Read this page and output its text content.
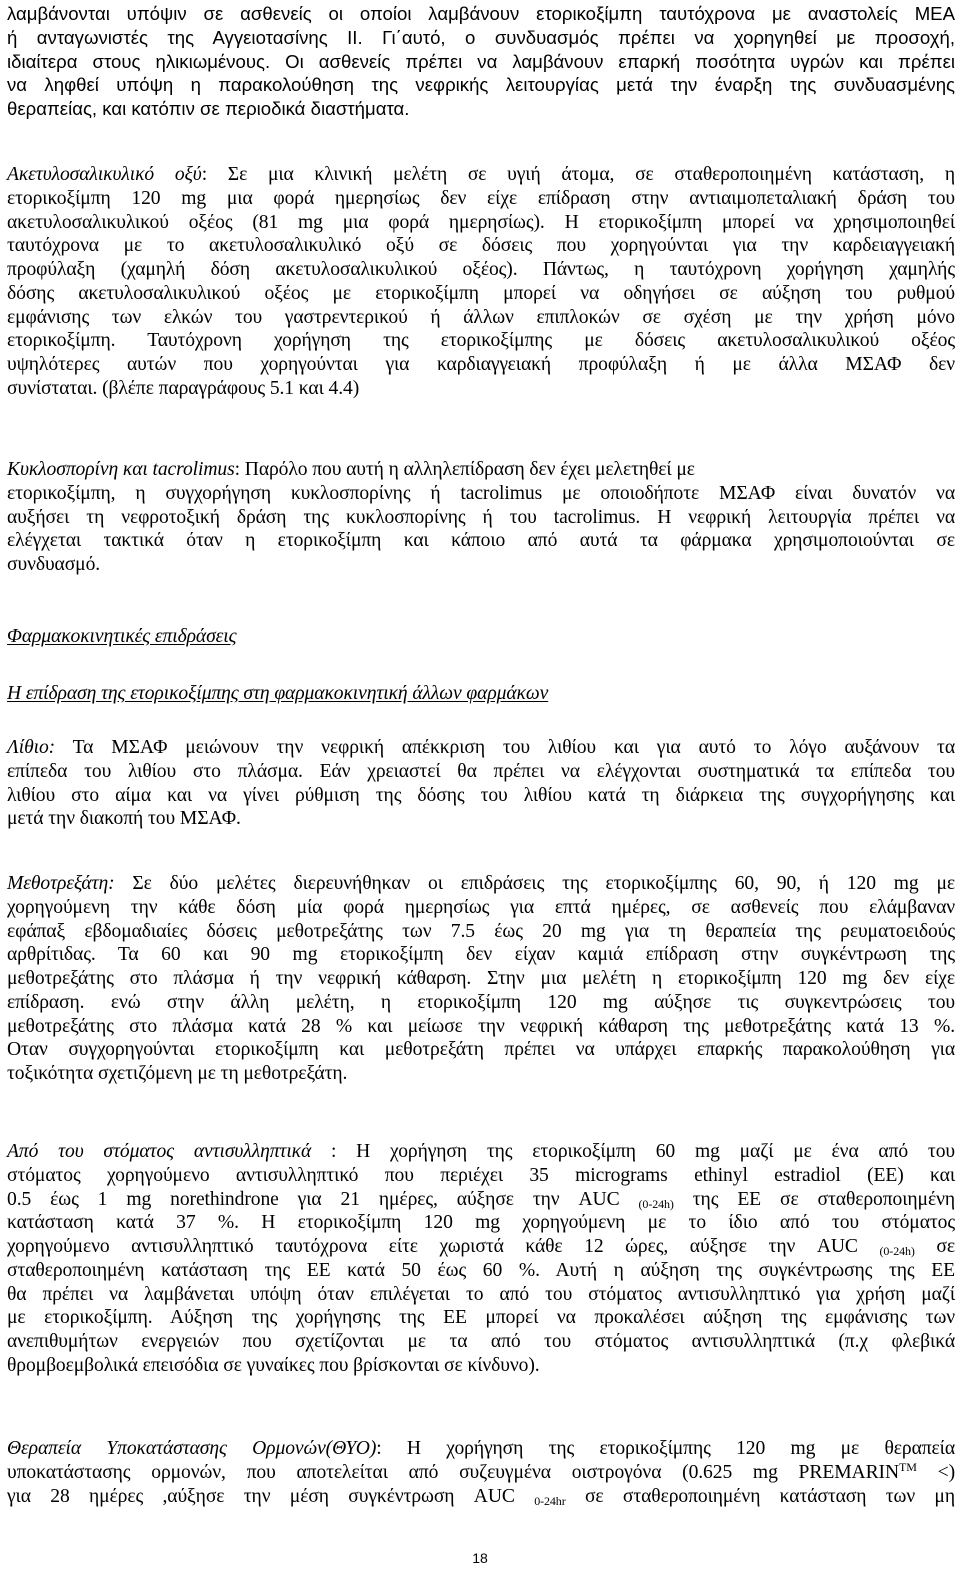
λαμβάνονται υπόψιν σε ασθενείς οι οποίοι λαμβάνουν ετορικοξίμπη ταυτόχρονα με αναστολείς ΜΕΑ
ή ανταγωνιστές της Αγγειοτασίνης ΙΙ. Γι΄αυτό, ο συνδυασμός πρέπει να χορηγηθεί με προσοχή,
ιδιαίτερα στους ηλικιωμένους. Οι ασθενείς πρέπει να λαμβάνουν επαρκή ποσότητα υγρών και πρέπει
να ληφθεί υπόψη η παρακολούθηση της νεφρικής λειτουργίας μετά την έναρξη της συνδυασμένης
θεραπείας, και κατόπιν σε περιοδικά διαστήματα.
Ακετυλοσαλικυλικό οξύ: Σε μια κλινική μελέτη σε υγιή άτομα, σε σταθεροποιημένη κατάσταση, η
ετορικοξίμπη 120 mg μια φορά ημερησίως δεν είχε επίδραση στην αντιαιμοπεταλιακή δράση του
ακετυλοσαλικυλικού οξέος (81 mg μια φορά ημερησίως). Η ετορικοξίμπη μπορεί να χρησιμοποιηθεί
ταυτόχρονα με το ακετυλοσαλικυλικό οξύ σε δόσεις που χορηγούνται για την καρδειαγγειακή
προφύλαξη (χαμηλή δόση ακετυλοσαλικυλικού οξέος). Πάντως, η ταυτόχρονη χορήγηση χαμηλής
δόσης ακετυλοσαλικυλικού οξέος με ετορικοξίμπη μπορεί να οδηγήσει σε αύξηση του ρυθμού
εμφάνισης των ελκών του γαστρεντερικού ή άλλων επιπλοκών σε σχέση με την χρήση μόνο
ετορικοξίμπη. Ταυτόχρονη χορήγηση της ετορικοξίμπης με δόσεις ακετυλοσαλικυλικού οξέος
υψηλότερες αυτών που χορηγούνται για καρδιαγγειακή προφύλαξη ή με άλλα ΜΣΑΦ δεν
συνίσταται. (βλέπε παραγράφους 5.1 και 4.4)
Κυκλοσπορίνη και tacrolimus: Παρόλο που αυτή η αλληλεπίδραση δεν έχει μελετηθεί με
ετορικοξίμπη, η συγχορήγηση κυκλοσπορίνης ή tacrolimus με οποιοδήποτε ΜΣΑΦ είναι δυνατόν να
αυξήσει τη νεφροτοξική δράση της κυκλοσπορίνης ή του tacrolimus. Η νεφρική λειτουργία πρέπει να
ελέγχεται τακτικά όταν η ετορικοξίμπη και κάποιο από αυτά τα φάρμακα χρησιμοποιούνται σε
συνδυασμό.
Φαρμακοκινητικές επιδράσεις
Η επίδραση της ετορικοξίμπης στη φαρμακοκινητική άλλων φαρμάκων
Λίθιο: Τα ΜΣΑΦ μειώνουν την νεφρική απέκκριση του λιθίου και για αυτό το λόγο αυξάνουν τα
επίπεδα του λιθίου στο πλάσμα. Εάν χρειαστεί θα πρέπει να ελέγχονται συστηματικά τα επίπεδα του
λιθίου στο αίμα και να γίνει ρύθμιση της δόσης του λιθίου κατά τη διάρκεια της συγχορήγησης και
μετά την διακοπή του ΜΣΑΦ.
Μεθοτρεξάτη: Σε δύο μελέτες διερευνήθηκαν οι επιδράσεις της ετορικοξίμπης 60, 90, ή 120 mg με
χορηγούμενη την κάθε δόση μία φορά ημερησίως για επτά ημέρες, σε ασθενείς που ελάμβαναν
εφάπαξ εβδομαδιαίες δόσεις μεθοτρεξάτης των 7.5 έως 20 mg για τη θεραπεία της ρευματοειδούς
αρθρίτιδας. Τα 60 και 90 mg ετορικοξίμπη δεν είχαν καμιά επίδραση στην συγκέντρωση της
μεθοτρεξάτης στο πλάσμα ή την νεφρική κάθαρση. Στην μια μελέτη η ετορικοξίμπη 120 mg δεν είχε
επίδραση. ενώ στην άλλη μελέτη, η ετορικοξίμπη 120 mg αύξησε τις συγκεντρώσεις του
μεθοτρεξάτης στο πλάσμα κατά 28 % και μείωσε την νεφρική κάθαρση της μεθοτρεξάτης κατά 13 %.
Οταν συγχορηγούνται ετορικοξίμπη και μεθοτρεξάτη πρέπει να υπάρχει επαρκής παρακολούθηση για
τοξικότητα σχετιζόμενη με τη μεθοτρεξάτη.
Από του στόματος αντισυλληπτικά : Η χορήγηση της ετορικοξίμπη 60 mg μαζί με ένα από του
στόματος χορηγούμενο αντισυλληπτικό που περιέχει 35 micrograms ethinyl estradiol (EE) και
0.5 έως 1 mg norethindrone για 21 ημέρες, αύξησε την AUC $_{(0-24h)}$ της ΕΕ σε σταθεροποιημένη
κατάσταση κατά 37 %. Η ετορικοξίμπη 120 mg χορηγούμενη με το ίδιο από του στόματος
χορηγούμενο αντισυλληπτικό ταυτόχρονα είτε χωριστά κάθε 12 ώρες, αύξησε την AUC $_{(0-24h)}$ σε
σταθεροποιημένη κατάσταση της ΕΕ κατά 50 έως 60 %. Αυτή η αύξηση της συγκέντρωσης της ΕΕ
θα πρέπει να λαμβάνεται υπόψη όταν επιλέγεται το από του στόματος αντισυλληπτικό για χρήση μαζί
με ετορικοξίμπη. Αύξηση της χορήγησης της ΕΕ μπορεί να προκαλέσει αύξηση της εμφάνισης των
ανεπιθυμήτων ενεργειών που σχετίζονται με τα από του στόματος αντισυλληπτικά (π.χ φλεβικά
θρομβοεμβολικά επεισόδια σε γυναίκες που βρίσκονται σε κίνδυνο).
Θεραπεία Υποκατάστασης Ορμονών(ΘΥΟ): Η χορήγηση της ετορικοξίμπης 120 mg με θεραπεία
υποκατάστασης ορμονών, που αποτελείται από συζευγμένα οιστρογόνα (0.625 mg PREMARIN™ <)
για 28 ημέρες ,αύξησε την μέση συγκέντρωση AUC $_{0-24hr}$ σε σταθεροποιημένη κατάσταση των μη
18
